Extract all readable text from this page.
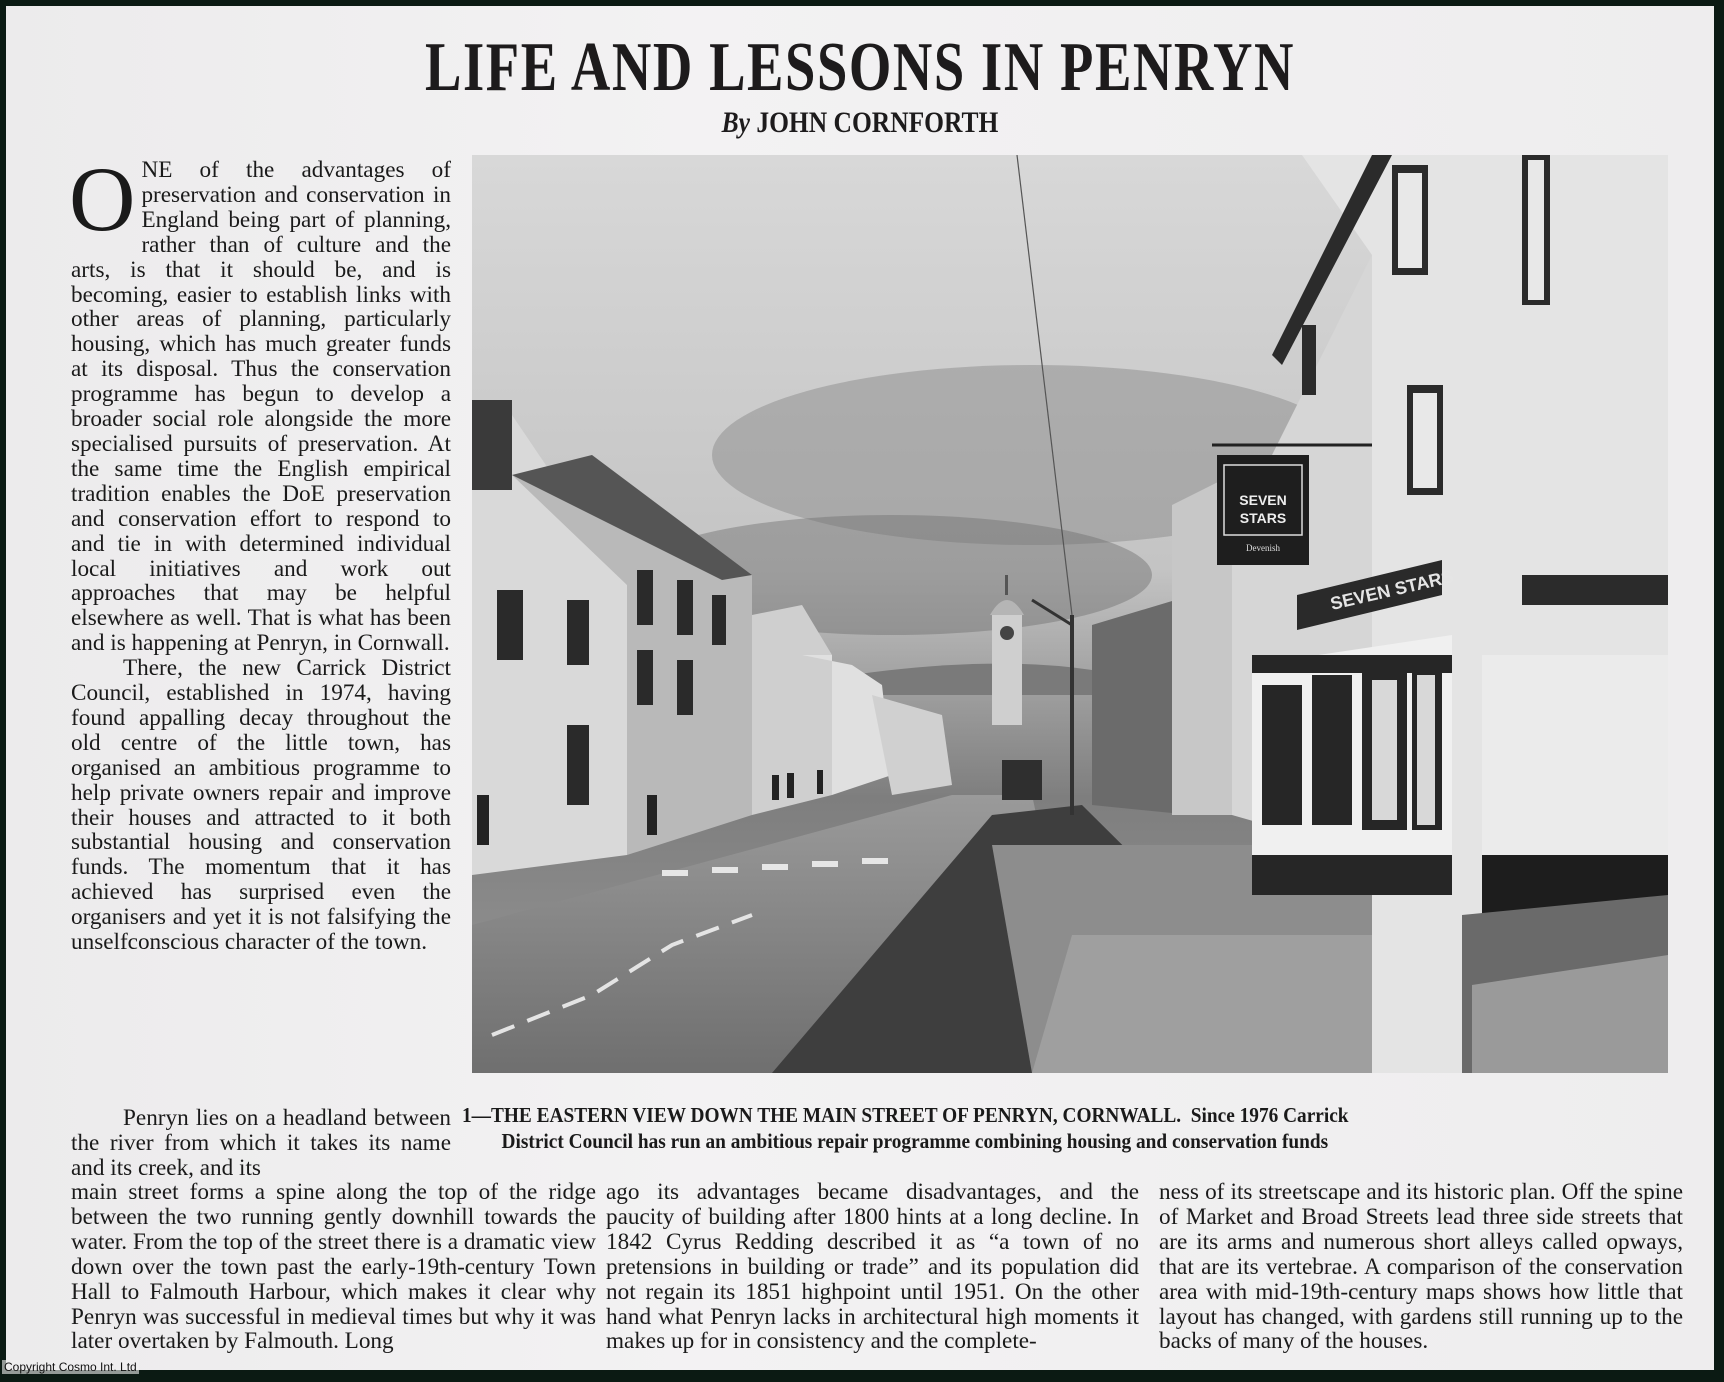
LIFE AND LESSONS IN PENRYN
By JOHN CORNFORTH

ONE of the advantages of preservation and conservation in England being part of planning, rather than of culture and the arts, is that it should be, and is becoming, easier to establish links with other areas of planning, particularly housing, which has much greater funds at its disposal. Thus the conservation programme has begun to develop a broader social role alongside the more specialised pursuits of preservation. At the same time the English empirical tradition enables the DoE preservation and conservation effort to respond to and tie in with determined individual local initiatives and work out approaches that may be helpful elsewhere as well. That is what has been and is happening at Penryn, in Cornwall.

There, the new Carrick District Council, established in 1974, having found appalling decay throughout the old centre of the little town, has organised an ambitious programme to help private owners repair and improve their houses and attracted to it both substantial housing and conservation funds. The momentum that it has achieved has surprised even the organisers and yet it is not falsifying the unselfconscious character of the town.

Penryn lies on a headland between the river from which it takes its name and its creek, and its

SEVEN STARS
SEVEN
STARS
Devenish
1—THE EASTERN VIEW DOWN THE MAIN STREET OF PENRYN, CORNWALL. Since 1976 Carrick
District Council has run an ambitious repair programme combining housing and conservation funds

main street forms a spine along the top of the ridge between the two running gently downhill towards the water. From the top of the street there is a dramatic view down over the town past the early-19th-century Town Hall to Falmouth Harbour, which makes it clear why Penryn was successful in medieval times but why it was later overtaken by Falmouth. Long

ago its advantages became disadvantages, and the paucity of building after 1800 hints at a long decline. In 1842 Cyrus Redding described it as “a town of no pretensions in building or trade” and its population did not regain its 1851 highpoint until 1951. On the other hand what Penryn lacks in architectural high moments it makes up for in consistency and the complete-

ness of its streetscape and its historic plan. Off the spine of Market and Broad Streets lead three side streets that are its arms and numerous short alleys called opways, that are its vertebrae. A comparison of the conservation area with mid-19th-century maps shows how little that layout has changed, with gardens still running up to the backs of many of the houses.

Copyright Cosmo Int. Ltd
